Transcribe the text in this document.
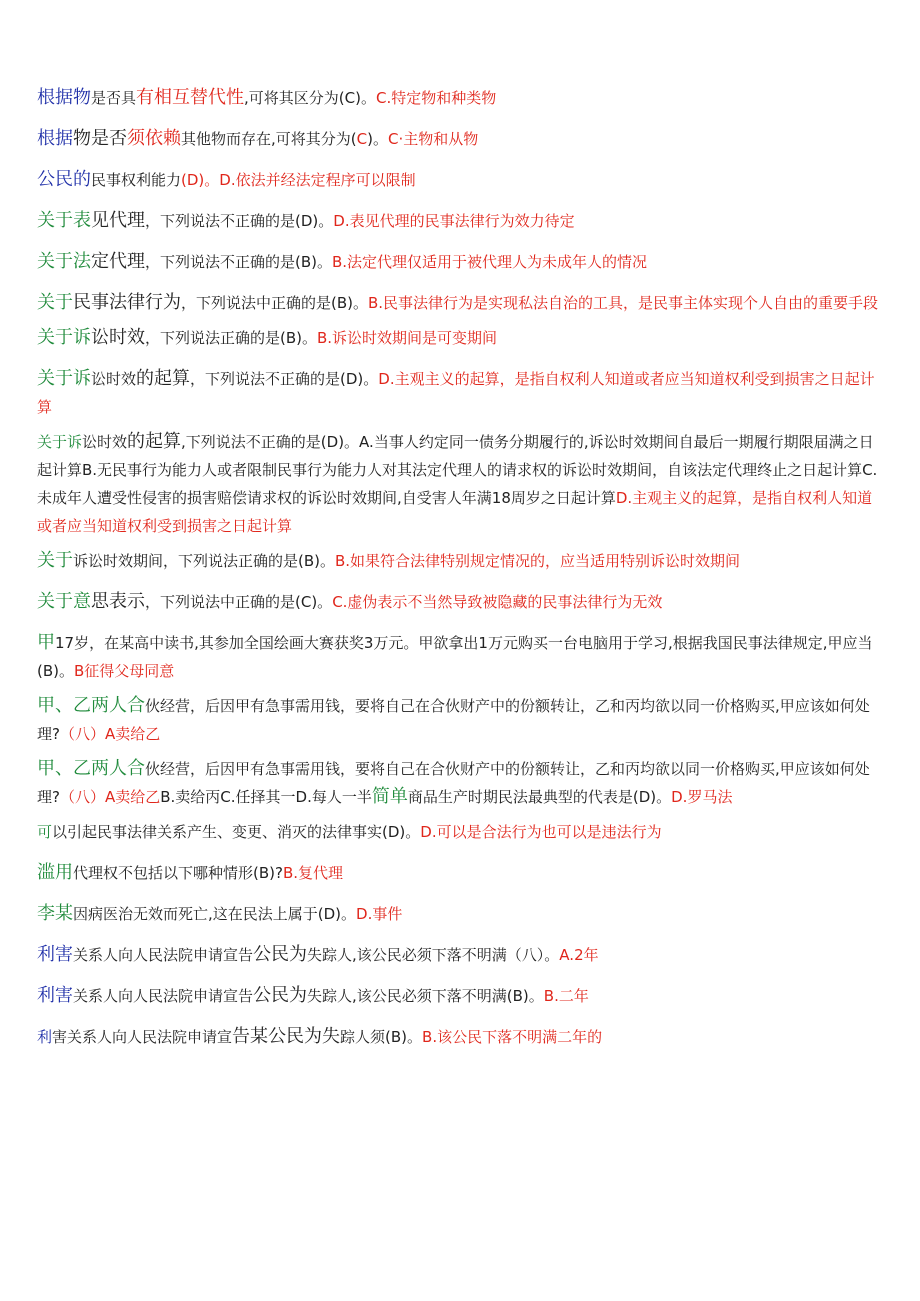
根据物是否具有相互替代性,可将其区分为(C)。C.特定物和种类物
根据物是否须依赖其他物而存在,可将其分为(C)。C·主物和从物
公民的民事权利能力(D)。D.依法并经法定程序可以限制
关于表见代理，下列说法不正确的是(D)。D.表见代理的民事法律行为效力待定
关于法定代理，下列说法不正确的是(B)。B.法定代理仅适用于被代理人为未成年人的情况
关于民事法律行为，下列说法中正确的是(B)。B.民事法律行为是实现私法自治的工具，是民事主体实现个人自由的重要手段
关于诉讼时效，下列说法正确的是(B)。B.诉讼时效期间是可变期间
关于诉讼时效的起算，下列说法不正确的是(D)。D.主观主义的起算，是指自权利人知道或者应当知道权利受到损害之日起计算
关于诉讼时效的起算,下列说法不正确的是(D)。A.当事人约定同一债务分期履行的,诉讼时效期间自最后一期履行期限届满之日起计算B.无民事行为能力人或者限制民事行为能力人对其法定代理人的请求权的诉讼时效期间，自该法定代理终止之日起计算C.未成年人遭受性侵害的损害赔偿请求权的诉讼时效期间,自受害人年满18周岁之日起计算D.主观主义的起算，是指自权利人知道或者应当知道权利受到损害之日起计算
关于诉讼时效期间，下列说法正确的是(B)。B.如果符合法律特别规定情况的，应当适用特别诉讼时效期间
关于意思表示，下列说法中正确的是(C)。C.虚伪表示不当然导致被隐藏的民事法律行为无效
甲17岁，在某高中读书,其参加全国绘画大赛获奖3万元。甲欲拿出1万元购买一台电脑用于学习,根据我国民事法律规定,甲应当(B)。B征得父母同意
甲、乙两人合伙经营，后因甲有急事需用钱，要将自己在合伙财产中的份额转让，乙和丙均欲以同一价格购买,甲应该如何处理?（八）A卖给乙
甲、乙两人合伙经营，后因甲有急事需用钱，要将自己在合伙财产中的份额转让，乙和丙均欲以同一价格购买,甲应该如何处理?（八）A卖给乙B.卖给丙C.任择其一D.每人一半简单商品生产时期民法最典型的代表是(D)。D.罗马法
可以引起民事法律关系产生、变更、消灭的法律事实(D)。D.可以是合法行为也可以是违法行为
滥用代理权不包括以下哪种情形(B)?B.复代理
李某因病医治无效而死亡,这在民法上属于(D)。D.事件
利害关系人向人民法院申请宣告公民为失踪人,该公民必须下落不明满（八）。A.2年
利害关系人向人民法院申请宣告公民为失踪人,该公民必须下落不明满(B)。B.二年
利害关系人向人民法院申请宣告某公民为失踪人须(B)。B.该公民下落不明满二年的
